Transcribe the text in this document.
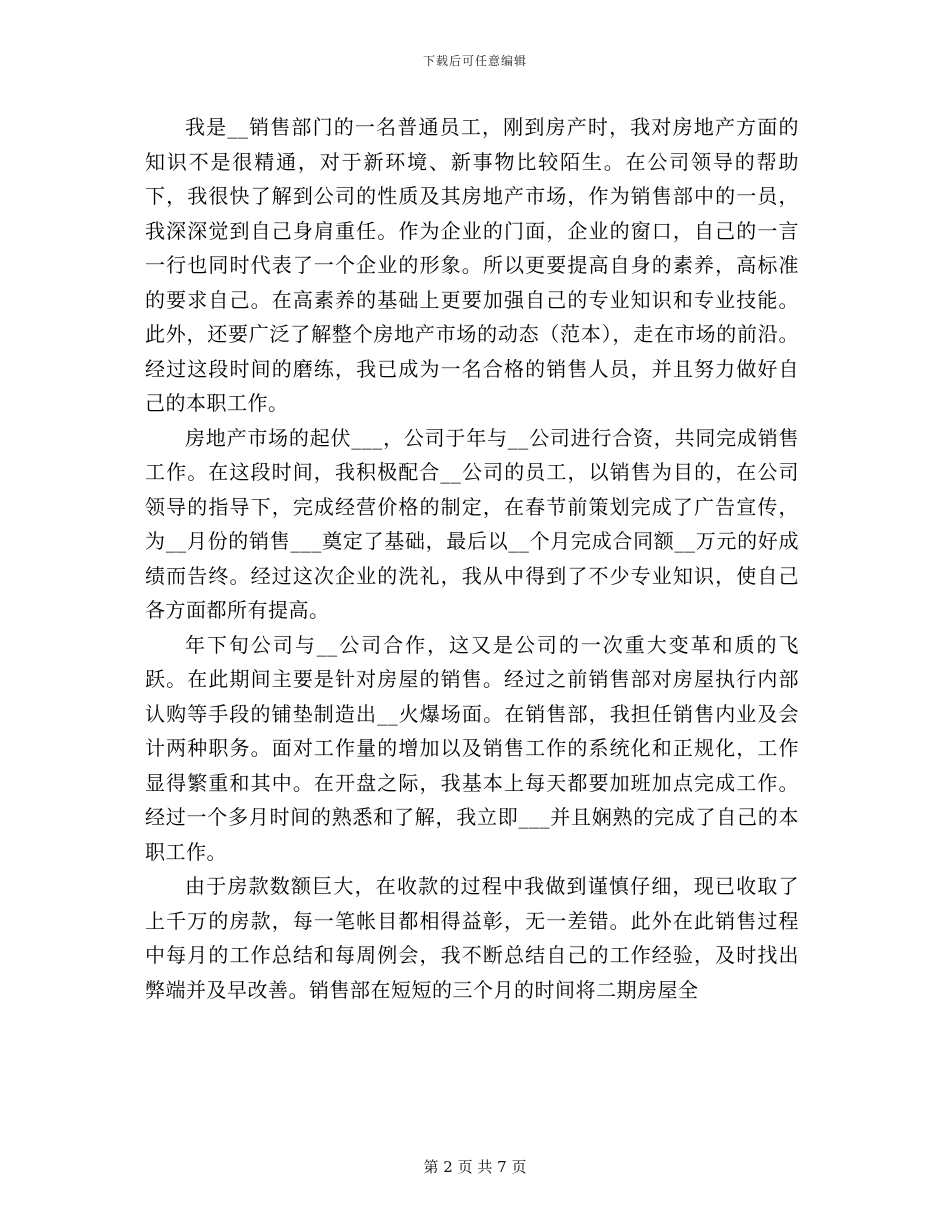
下载后可任意编辑

我是__销售部门的一名普通员工，刚到房产时，我对房地产方面的知识不是很精通，对于新环境、新事物比较陌生。在公司领导的帮助下，我很快了解到公司的性质及其房地产市场，作为销售部中的一员，我深深觉到自己身肩重任。作为企业的门面，企业的窗口，自己的一言一行也同时代表了一个企业的形象。所以更要提高自身的素养，高标准的要求自己。在高素养的基础上更要加强自己的专业知识和专业技能。此外，还要广泛了解整个房地产市场的动态（范本），走在市场的前沿。经过这段时间的磨练，我已成为一名合格的销售人员，并且努力做好自己的本职工作。

房地产市场的起伏___，公司于年与__公司进行合资，共同完成销售工作。在这段时间，我积极配合__公司的员工，以销售为目的，在公司领导的指导下，完成经营价格的制定，在春节前策划完成了广告宣传，为__月份的销售___奠定了基础，最后以__个月完成合同额__万元的好成绩而告终。经过这次企业的洗礼，我从中得到了不少专业知识，使自己各方面都所有提高。

年下旬公司与__公司合作，这又是公司的一次重大变革和质的飞跃。在此期间主要是针对房屋的销售。经过之前销售部对房屋执行内部认购等手段的铺垫制造出__火爆场面。在销售部，我担任销售内业及会计两种职务。面对工作量的增加以及销售工作的系统化和正规化，工作显得繁重和其中。在开盘之际，我基本上每天都要加班加点完成工作。经过一个多月时间的熟悉和了解，我立即___并且娴熟的完成了自己的本职工作。

由于房款数额巨大，在收款的过程中我做到谨慎仔细，现已收取了上千万的房款，每一笔帐目都相得益彰，无一差错。此外在此销售过程中每月的工作总结和每周例会，我不断总结自己的工作经验，及时找出弊端并及早改善。销售部在短短的三个月的时间将二期房屋全

第 2 页 共 7 页
